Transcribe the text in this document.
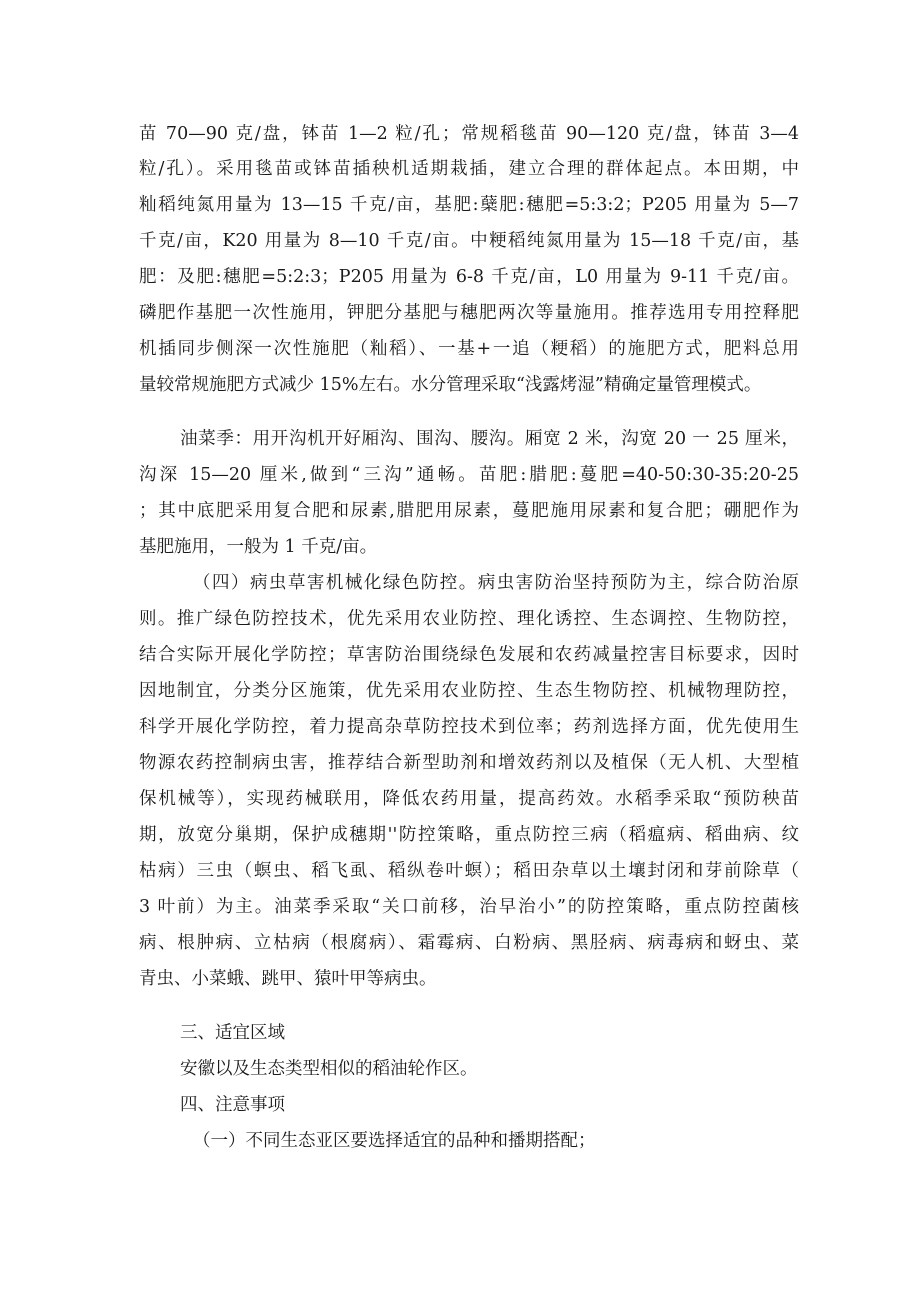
苗 70—90 克/盘，钵苗 1—2 粒/孔；常规稻毯苗 90—120 克/盘，钵苗 3—4

粒/孔）。采用毯苗或钵苗插秧机适期栽插，建立合理的群体起点。本田期，中

籼稻纯氮用量为 13—15 千克/亩，基肥:蘖肥:穗肥=5:3:2；P205 用量为 5—7

千克/亩，K20 用量为 8—10 千克/亩。中粳稻纯氮用量为 15—18 千克/亩，基

肥：及肥:穗肥=5:2:3；P205 用量为 6-8 千克/亩，L0 用量为 9-11 千克/亩。

磷肥作基肥一次性施用，钾肥分基肥与穗肥两次等量施用。推荐选用专用控释肥

机插同步侧深一次性施肥（籼稻）、一基+一追（粳稻）的施肥方式，肥料总用

量较常规施肥方式减少 15%左右。水分管理采取“浅露烤湿”精确定量管理模式。

油菜季：用开沟机开好厢沟、围沟、腰沟。厢宽 2 米，沟宽 20 一 25 厘米，

沟深 15—20 厘米,做到“三沟”通畅。苗肥:腊肥:蔓肥=40-50:30-35:20-25

；其中底肥采用复合肥和尿素,腊肥用尿素，蔓肥施用尿素和复合肥；硼肥作为

基肥施用，一般为 1 千克/亩。

（四）病虫草害机械化绿色防控。病虫害防治坚持预防为主，综合防治原

则。推广绿色防控技术，优先采用农业防控、理化诱控、生态调控、生物防控，

结合实际开展化学防控；草害防治围绕绿色发展和农药减量控害目标要求，因时

因地制宜，分类分区施策，优先采用农业防控、生态生物防控、机械物理防控，

科学开展化学防控，着力提高杂草防控技术到位率；药剂选择方面，优先使用生

物源农药控制病虫害，推荐结合新型助剂和增效药剂以及植保（无人机、大型植

保机械等），实现药械联用，降低农药用量，提高药效。水稻季采取“预防秧苗

期，放宽分巢期，保护成穗期''防控策略，重点防控三病（稻瘟病、稻曲病、纹

枯病）三虫（螟虫、稻飞虱、稻纵卷叶螟）；稻田杂草以土壤封闭和芽前除草（

3 叶前）为主。油菜季采取“关口前移，治早治小”的防控策略，重点防控菌核

病、根肿病、立枯病（根腐病）、霜霉病、白粉病、黑胫病、病毒病和蚜虫、菜

青虫、小菜蛾、跳甲、猿叶甲等病虫。

三、适宜区域

安徽以及生态类型相似的稻油轮作区。

四、注意事项

（一）不同生态亚区要选择适宜的品种和播期搭配；
